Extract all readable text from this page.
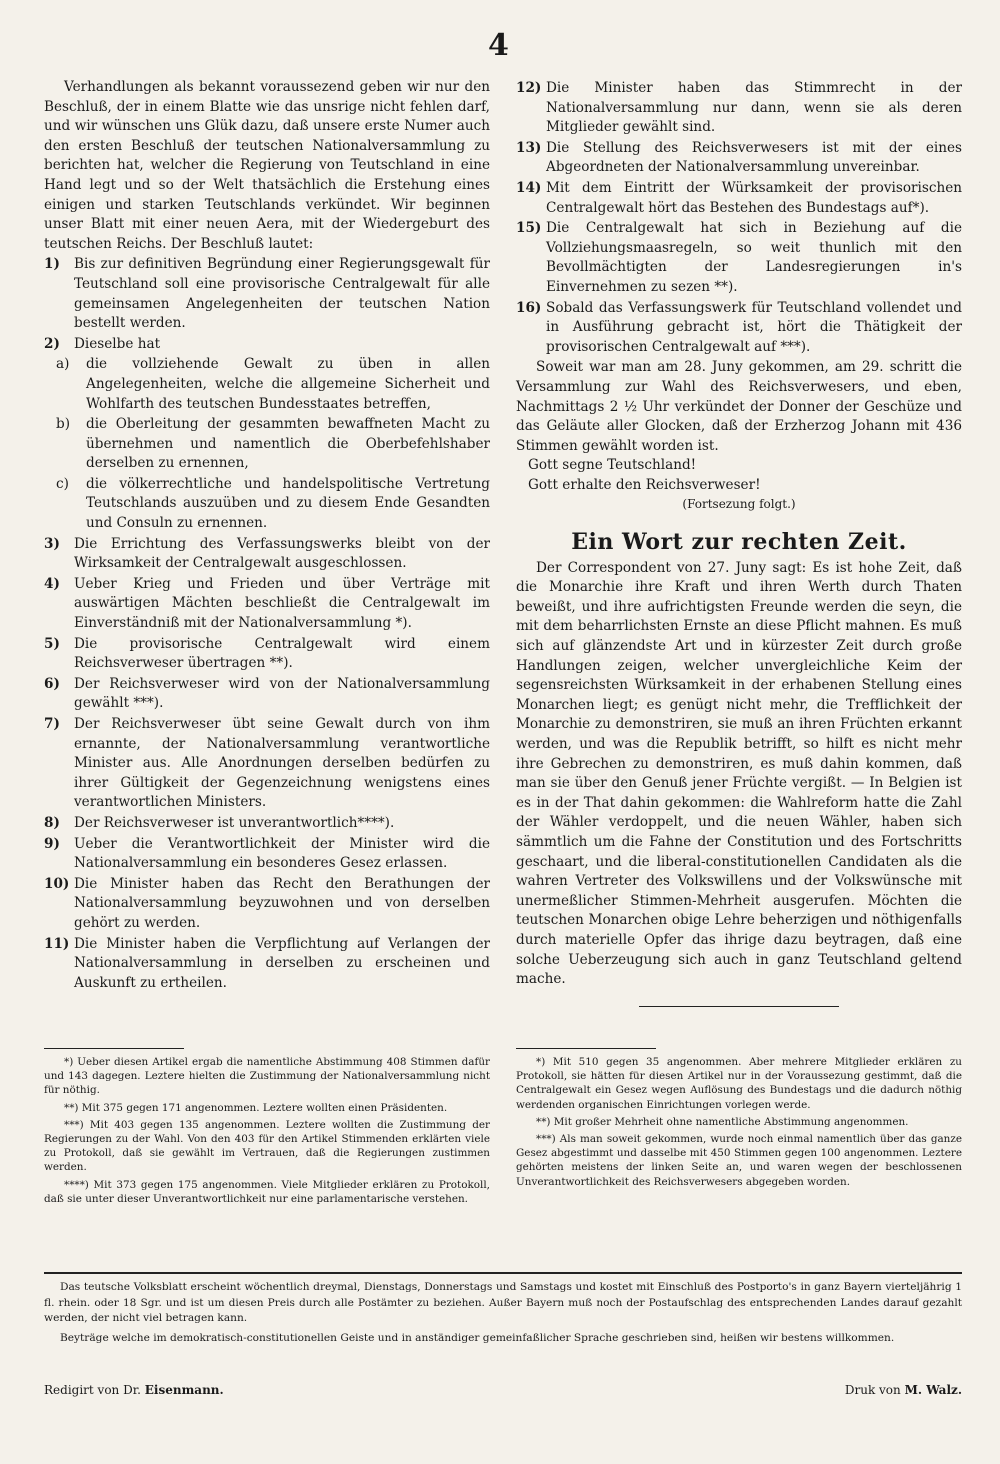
4

Verhandlungen als bekannt voraussezend geben wir nur den Beschluß, der in einem Blatte wie das unsrige nicht fehlen darf, und wir wünschen uns Glük dazu, daß unsere erste Numer auch den ersten Beschluß der teutschen Nationalversammlung zu berichten hat, welcher die Regierung von Teutschland in eine Hand legt und so der Welt thatsächlich die Erstehung eines einigen und starken Teutschlands verkündet. Wir beginnen unser Blatt mit einer neuen Aera, mit der Wiedergeburt des teutschen Reichs. Der Beschluß lautet:

1)	Bis zur definitiven Begründung einer Regierungsgewalt für Teutschland soll eine provisorische Centralgewalt für alle gemeinsamen Angelegenheiten der teutschen Nation bestellt werden.
2)	Dieselbe hat
a)	die vollziehende Gewalt zu üben in allen Angelegenheiten, welche die allgemeine Sicherheit und Wohlfarth des teutschen Bundesstaates betreffen,
b)	die Oberleitung der gesammten bewaffneten Macht zu übernehmen und namentlich die Oberbefehlshaber derselben zu ernennen,
c)	die völkerrechtliche und handelspolitische Vertretung Teutschlands auszuüben und zu diesem Ende Gesandten und Consuln zu ernennen.
3)	Die Errichtung des Verfassungswerks bleibt von der Wirksamkeit der Centralgewalt ausgeschlossen.
4)	Ueber Krieg und Frieden und über Verträge mit auswärtigen Mächten beschließt die Centralgewalt im Einverständniß mit der Nationalversammlung *).
5)	Die provisorische Centralgewalt wird einem Reichsverweser übertragen **).
6)	Der Reichsverweser wird von der Nationalversammlung gewählt ***).
7)	Der Reichsverweser übt seine Gewalt durch von ihm ernannte, der Nationalversammlung verantwortliche Minister aus. Alle Anordnungen derselben bedürfen zu ihrer Gültigkeit der Gegenzeichnung wenigstens eines verantwortlichen Ministers.
8)	Der Reichsverweser ist unverantwortlich****).
9)	Ueber die Verantwortlichkeit der Minister wird die Nationalversammlung ein besonderes Gesez erlassen.
10) Die Minister haben das Recht den Berathungen der Nationalversammlung beyzuwohnen und von derselben gehört zu werden.
11) Die Minister haben die Verpflichtung auf Verlangen der Nationalversammlung in derselben zu erscheinen und Auskunft zu ertheilen.
12) Die Minister haben das Stimmrecht in der Nationalversammlung nur dann, wenn sie als deren Mitglieder gewählt sind.
13) Die Stellung des Reichsverwesers ist mit der eines Abgeordneten der Nationalversammlung unvereinbar.
14) Mit dem Eintritt der Würksamkeit der provisorischen Centralgewalt hört das Bestehen des Bundestags auf*).
15) Die Centralgewalt hat sich in Beziehung auf die Vollziehungsmaasregeln, so weit thunlich mit den Bevollmächtigten der Landesregierungen in's Einvernehmen zu sezen **).
16) Sobald das Verfassungswerk für Teutschland vollendet und in Ausführung gebracht ist, hört die Thätigkeit der provisorischen Centralgewalt auf ***).

Soweit war man am 28. Juny gekommen, am 29. schritt die Versammlung zur Wahl des Reichsverwesers, und eben, Nachmittags 2 ½ Uhr verkündet der Donner der Geschüze und das Geläute aller Glocken, daß der Erzherzog Johann mit 436 Stimmen gewählt worden ist.

Gott segne Teutschland!

Gott erhalte den Reichsverweser!

(Fortsezung folgt.)

Ein Wort zur rechten Zeit.

Der Correspondent von 27. Juny sagt: Es ist hohe Zeit, daß die Monarchie ihre Kraft und ihren Werth durch Thaten beweißt, und ihre aufrichtigsten Freunde werden die seyn, die mit dem beharrlichsten Ernste an diese Pflicht mahnen. Es muß sich auf glänzendste Art und in kürzester Zeit durch große Handlungen zeigen, welcher unvergleichliche Keim der segensreichsten Würksamkeit in der erhabenen Stellung eines Monarchen liegt; es genügt nicht mehr, die Trefflichkeit der Monarchie zu demonstriren, sie muß an ihren Früchten erkannt werden, und was die Republik betrifft, so hilft es nicht mehr ihre Gebrechen zu demonstriren, es muß dahin kommen, daß man sie über den Genuß jener Früchte vergißt. — In Belgien ist es in der That dahin gekommen: die Wahlreform hatte die Zahl der Wähler verdoppelt, und die neuen Wähler, haben sich sämmtlich um die Fahne der Constitution und des Fortschritts geschaart, und die liberal-constitutionellen Candidaten als die wahren Vertreter des Volkswillens und der Volkswünsche mit unermeßlicher Stimmen-Mehrheit ausgerufen. Möchten die teutschen Monarchen obige Lehre beherzigen und nöthigenfalls durch materielle Opfer das ihrige dazu beytragen, daß eine solche Ueberzeugung sich auch in ganz Teutschland geltend mache.

*) Ueber diesen Artikel ergab die namentliche Abstimmung 408 Stimmen dafür und 143 dagegen. Leztere hielten die Zustimmung der Nationalversammlung nicht für nöthig.

**) Mit 375 gegen 171 angenommen. Leztere wollten einen Präsidenten.

***) Mit 403 gegen 135 angenommen. Leztere wollten die Zustimmung der Regierungen zu der Wahl. Von den 403 für den Artikel Stimmenden erklärten viele zu Protokoll, daß sie gewählt im Vertrauen, daß die Regierungen zustimmen werden.

****) Mit 373 gegen 175 angenommen. Viele Mitglieder erklären zu Protokoll, daß sie unter dieser Unverantwortlichkeit nur eine parlamentarische verstehen.

*) Mit 510 gegen 35 angenommen. Aber mehrere Mitglieder erklären zu Protokoll, sie hätten für diesen Artikel nur in der Voraussezung gestimmt, daß die Centralgewalt ein Gesez wegen Auflösung des Bundestags und die dadurch nöthig werdenden organischen Einrichtungen vorlegen werde.

**) Mit großer Mehrheit ohne namentliche Abstimmung angenommen.

***) Als man soweit gekommen, wurde noch einmal namentlich über das ganze Gesez abgestimmt und dasselbe mit 450 Stimmen gegen 100 angenommen. Leztere gehörten meistens der linken Seite an, und waren wegen der beschlossenen Unverantwortlichkeit des Reichsverwesers abgegeben worden.

Das teutsche Volksblatt erscheint wöchentlich dreymal, Dienstags, Donnerstags und Samstags und kostet mit Einschluß des Postporto's in ganz Bayern vierteljährig 1 fl. rhein. oder 18 Sgr. und ist um diesen Preis durch alle Postämter zu beziehen. Außer Bayern muß noch der Postaufschlag des entsprechenden Landes darauf gezahlt werden, der nicht viel betragen kann.

Beyträge welche im demokratisch-constitutionellen Geiste und in anständiger gemeinfaßlicher Sprache geschrieben sind, heißen wir bestens willkommen.

Redigirt von Dr. Eisenmann.	Druk von M. Walz.
